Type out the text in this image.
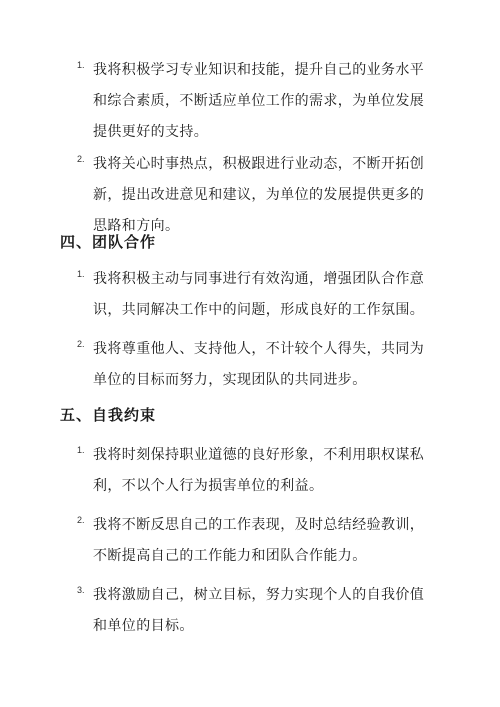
1. 我将积极学习专业知识和技能，提升自己的业务水平和综合素质，不断适应单位工作的需求，为单位发展提供更好的支持。
2. 我将关心时事热点，积极跟进行业动态，不断开拓创新，提出改进意见和建议，为单位的发展提供更多的思路和方向。
四、团队合作
1. 我将积极主动与同事进行有效沟通，增强团队合作意识，共同解决工作中的问题，形成良好的工作氛围。
2. 我将尊重他人、支持他人，不计较个人得失，共同为单位的目标而努力，实现团队的共同进步。
五、自我约束
1. 我将时刻保持职业道德的良好形象，不利用职权谋私利，不以个人行为损害单位的利益。
2. 我将不断反思自己的工作表现，及时总结经验教训，不断提高自己的工作能力和团队合作能力。
3. 我将激励自己，树立目标，努力实现个人的自我价值和单位的目标。
